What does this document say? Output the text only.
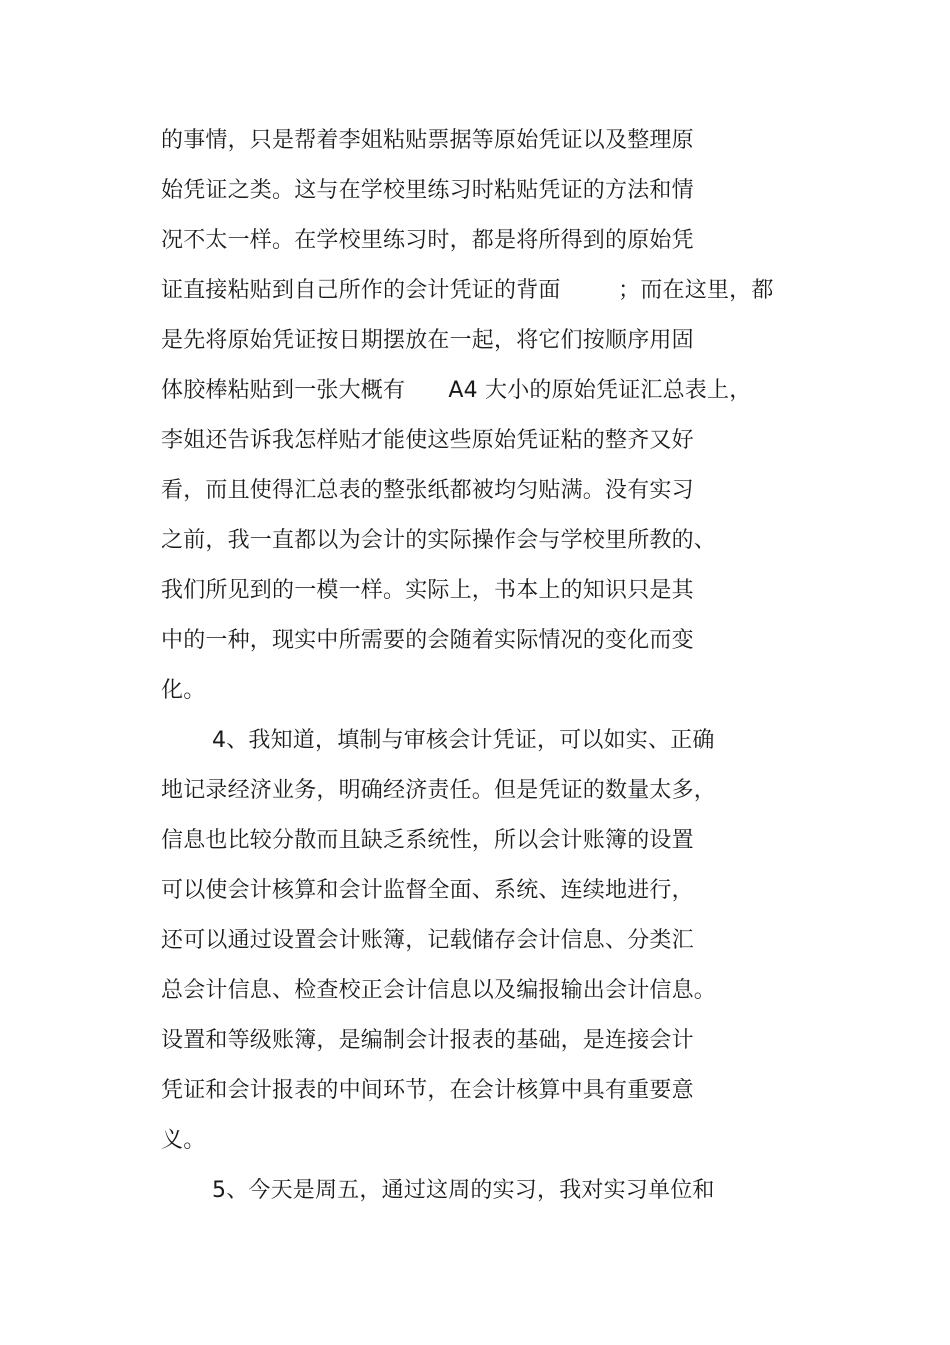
的事情，只是帮着李姐粘贴票据等原始凭证以及整理原
始凭证之类。这与在学校里练习时粘贴凭证的方法和情
况不太一样。在学校里练习时，都是将所得到的原始凭
证直接粘贴到自己所作的会计凭证的背面        ；而在这里，都
是先将原始凭证按日期摆放在一起，将它们按顺序用固
体胶棒粘贴到一张大概有      A4 大小的原始凭证汇总表上，
李姐还告诉我怎样贴才能使这些原始凭证粘的整齐又好
看，而且使得汇总表的整张纸都被均匀贴满。没有实习
之前，我一直都以为会计的实际操作会与学校里所教的、
我们所见到的一模一样。实际上，书本上的知识只是其
中的一种，现实中所需要的会随着实际情况的变化而变
化。
4、我知道，填制与审核会计凭证，可以如实、正确
地记录经济业务，明确经济责任。但是凭证的数量太多，
信息也比较分散而且缺乏系统性，所以会计账簿的设置
可以使会计核算和会计监督全面、系统、连续地进行，
还可以通过设置会计账簿，记载储存会计信息、分类汇
总会计信息、检查校正会计信息以及编报输出会计信息。
设置和等级账簿，是编制会计报表的基础，是连接会计
凭证和会计报表的中间环节，在会计核算中具有重要意
义。
5、今天是周五，通过这周的实习，我对实习单位和
